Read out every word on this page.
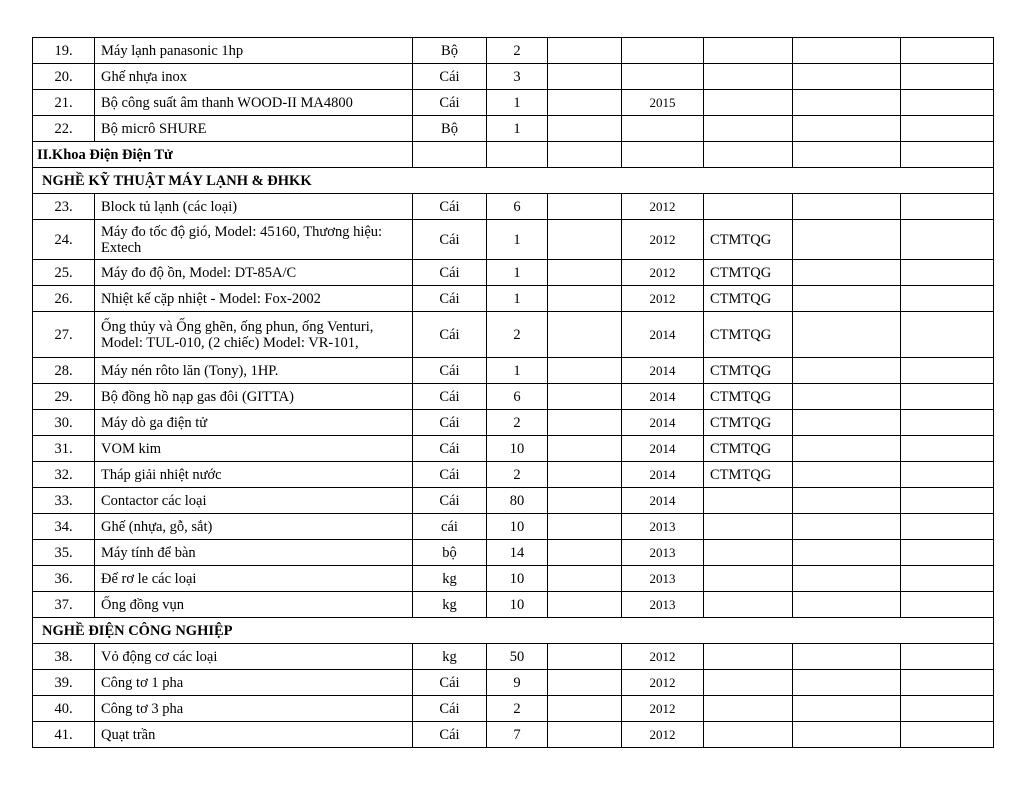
19.	Máy lạnh panasonic 1hp	Bộ	2					
20.	Ghế nhựa inox	Cái	3					
21.	Bộ công suất âm thanh WOOD-II MA4800	Cái	1		2015			
22.	Bộ micrô SHURE	Bộ	1					
II.Khoa Điện Điện Tử								
NGHỀ KỸ THUẬT MÁY LẠNH & ĐHKK								
23.	Block tủ lạnh (các loại)	Cái	6		2012			
24.	Máy đo tốc độ gió, Model: 45160, Thương hiệu: Extech	Cái	1		2012	CTMTQG		
25.	Máy đo độ ồn, Model: DT-85A/C	Cái	1		2012	CTMTQG		
26.	Nhiệt kế cặp nhiệt - Model: Fox-2002	Cái	1		2012	CTMTQG		
27.	Ống thủy và Ống ghẽn, ống phun, ống Venturi, Model: TUL-010, (2 chiếc) Model: VR-101,	Cái	2		2014	CTMTQG		
28.	Máy nén rôto lăn (Tony), 1HP.	Cái	1		2014	CTMTQG		
29.	Bộ đồng hồ nạp gas đôi (GITTA)	Cái	6		2014	CTMTQG		
30.	Máy dò ga điện tử	Cái	2		2014	CTMTQG		
31.	VOM kim	Cái	10		2014	CTMTQG		
32.	Tháp giải nhiệt nước	Cái	2		2014	CTMTQG		
33.	Contactor các loại	Cái	80		2014			
34.	Ghế (nhựa, gỗ, sắt)	cái	10		2013			
35.	Máy tính để bàn	bộ	14		2013			
36.	Đế rơ le các loại	kg	10		2013			
37.	Ống đồng vụn	kg	10		2013			
NGHỀ ĐIỆN CÔNG NGHIỆP								
38.	Vỏ động cơ các loại	kg	50		2012			
39.	Công tơ 1 pha	Cái	9		2012			
40.	Công tơ 3 pha	Cái	2		2012			
41.	Quạt trần	Cái	7		2012			
